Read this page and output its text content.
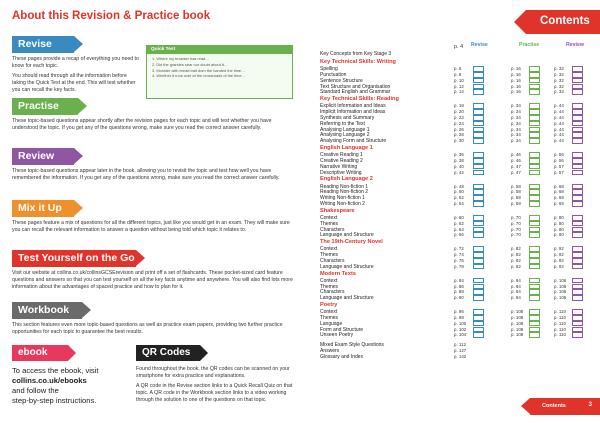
About this Revision & Practice book
Revise
These pages provide a recap of everything you need to know for each topic.
You should read through all the information before taking the Quick Test at the end. This will test whether you can recall the key facts.
Practise
These topic-based questions appear shortly after the revision pages for each topic and will test whether you have understood the topic. If you get any of the questions wrong, make sure you read the correct answer carefully.
Review
These topic-based questions appear later in the book, allowing you to revisit the topic and test how well you have remembered the information. If you get any of the questions wrong, make sure you read the correct answer carefully.
Mix it Up
These pages feature a mix of questions for all the different topics, just like you would get in an exam. They will make sure you can recall the relevant information to answer a question without being told which topic it relates to.
Test Yourself on the Go
Visit our website at collins.co.uk/collinsGCSErevision and print off a set of flashcards. These pocket-sized card feature questions and answers so that you can test yourself on all the key facts anytime and anywhere. You will also find lots more information about the advantages of spaced practice and how to plan for it.
Workbook
This section features even more topic-based questions as well as practice exam papers, providing two further practice opportunities for each topic to guarantee the best results.
Quick Test
1. Where my browser has read…
2. Did the grandes sear our doubt about it…
3. Monster with bread trait dom the handed the time…
4. Whether it runs over at the crossroads of the time…
ebook
To access the ebook, visit
collins.co.uk/ebooks
and follow the
step-by-step instructions.
QR Codes
Found throughout the book, the QR codes can be scanned on your smartphone for extra practice and explanations.
A QR code in the Revise section links to a Quick Recall Quiz on that topic. A QR code in the Workbook section links to a video working through the solution to one of the questions on that topic.
Contents
Revise	Practise	Review
p. 4
Key Concepts from Key Stage 3
Key Technical Skills: Writing
Spelling	p. 6	p. 16	p. 32
Punctuation	p. 8	p. 16	p. 32
Sentence Structure	p. 10	p. 16	p. 32
Text Structure and Organisation	p. 12	p. 16	p. 32
Standard English and Grammar	p. 14	p. 16	p. 32
Key Technical Skills: Reading
Explicit Information and Ideas	p. 18	p. 34	p. 44
Implicit Information and Ideas	p. 20	p. 34	p. 44
Synthesis and Summary	p. 22	p. 34	p. 44
Referring to the Text	p. 24	p. 34	p. 44
Analysing Language 1	p. 26	p. 34	p. 44
Analysing Language 2	p. 28	p. 34	p. 44
Analysing Form and Structure	p. 30	p. 34	p. 44
English Language 1
Creative Reading 1	p. 36	p. 46	p. 56
Creative Reading 2	p. 38	p. 46	p. 56
Narrative Writing	p. 40	p. 47	p. 57
Descriptive Writing	p. 42	p. 47	p. 57
English Language 2
Reading Non-fiction 1	p. 48	p. 58	p. 68
Reading Non-fiction 2	p. 50	p. 58	p. 68
Writing Non-fiction 1	p. 52	p. 59	p. 69
Writing Non-fiction 2	p. 54	p. 59	p. 69
Shakespeare
Context	p. 60	p. 70	p. 80
Themes	p. 62	p. 70	p. 80
Characters	p. 64	p. 70	p. 80
Language and Structure	p. 66	p. 70	p. 80
The 19th-Century Novel
Context	p. 72	p. 82	p. 92
Themes	p. 74	p. 82	p. 92
Characters	p. 76	p. 82	p. 92
Language and Structure	p. 78	p. 82	p. 92
Modern Texts
Context	p. 84	p. 94	p. 106
Themes	p. 86	p. 94	p. 106
Characters	p. 88	p. 94	p. 106
Language and Structure	p. 90	p. 94	p. 106
Poetry
Context	p. 96	p. 108	p. 110
Themes	p. 98	p. 108	p. 110
Language	p. 100	p. 108	p. 110
Form and Structure	p. 102	p. 108	p. 110
Unseen Poetry	p. 104	p. 108	p. 110
Mixed Exam Style Questions	p. 112
Answers	p. 127
Glossary and Index	p. 142
Contents	3
